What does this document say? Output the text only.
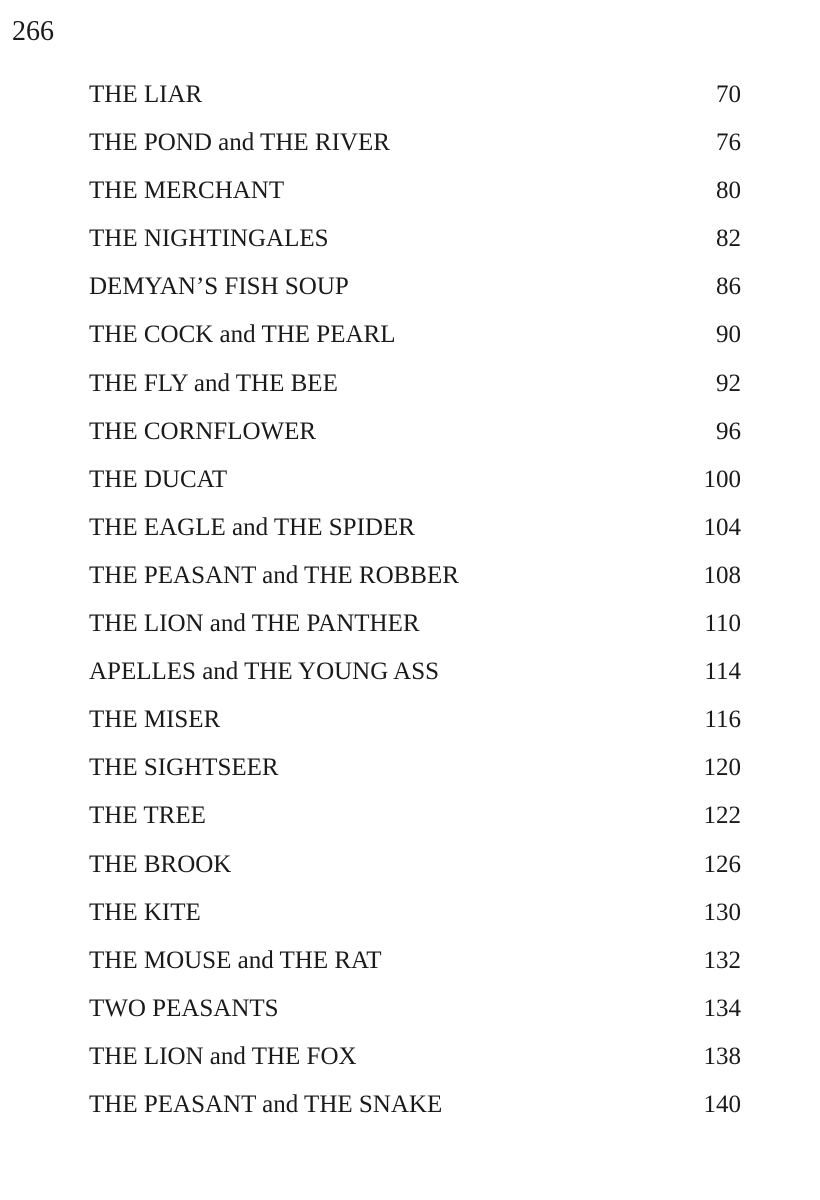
266
THE LIAR	70
THE POND and THE RIVER	76
THE MERCHANT	80
THE NIGHTINGALES	82
DEMYAN’S FISH SOUP	86
THE COCK and THE PEARL	90
THE FLY and THE BEE	92
THE CORNFLOWER	96
THE DUCAT	100
THE EAGLE and THE SPIDER	104
THE PEASANT and THE ROBBER	108
THE LION and THE PANTHER	110
APELLES and THE YOUNG ASS	114
THE MISER	116
THE SIGHTSEER	120
THE TREE	122
THE BROOK	126
THE KITE	130
THE MOUSE and THE RAT	132
TWO PEASANTS	134
THE LION and THE FOX	138
THE PEASANT and THE SNAKE	140
